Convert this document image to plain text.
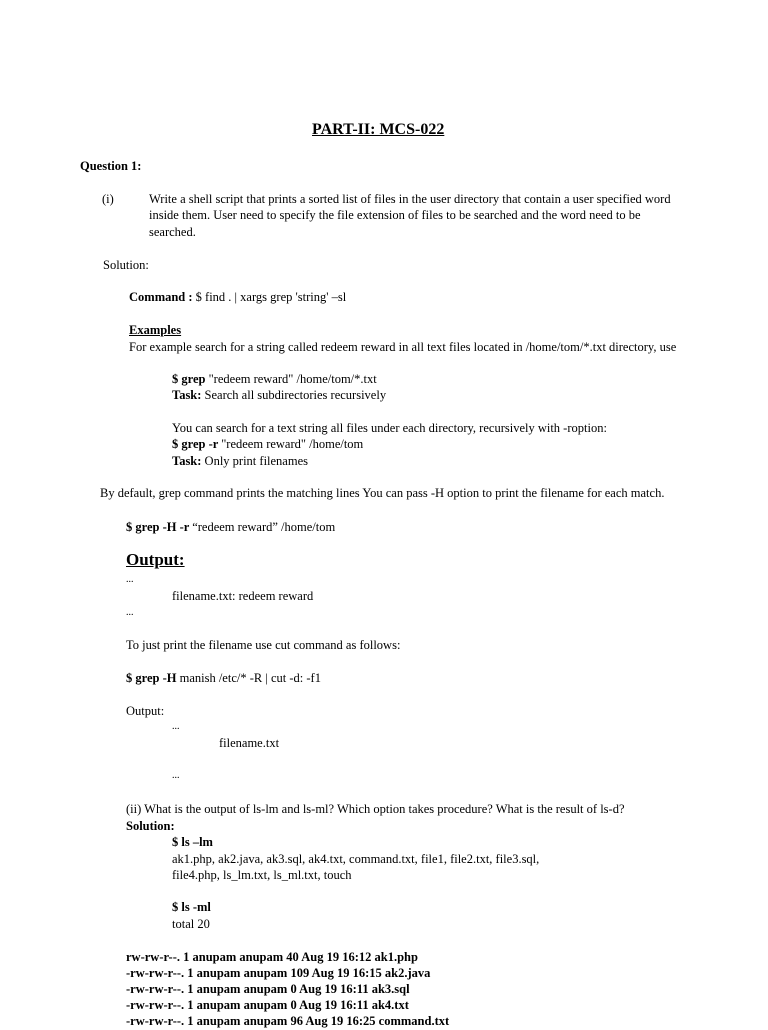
PART-II: MCS-022
Question 1:
(i)	Write a shell script that prints a sorted list of files in the user directory that contain a user specified word
inside them. User need to specify the file extension of files to be searched and the word need to be
searched.
Solution:
Command : $ find . | xargs grep 'string' –sl
Examples
For example search for a string called redeem reward in all text files located in /home/tom/*.txt directory, use
$ grep "redeem reward" /home/tom/*.txt
Task: Search all subdirectories recursively
You can search for a text string all files under each directory, recursively with -roption:
$ grep -r "redeem reward" /home/tom
Task: Only print filenames
By default, grep command prints the matching lines You can pass -H option to print the filename for each match.
$ grep -H -r “redeem reward” /home/tom
Output:
...
filename.txt: redeem reward
...
To just print the filename use cut command as follows:
$ grep -H manish /etc/* -R | cut -d: -f1
Output:
...
filename.txt
...
(ii) What is the output of ls-lm and ls-ml? Which option takes procedure? What is the result of ls-d?
Solution:
$ ls –lm
ak1.php, ak2.java, ak3.sql, ak4.txt, command.txt, file1, file2.txt, file3.sql,
file4.php, ls_lm.txt, ls_ml.txt, touch
$ ls -ml
total 20
rw-rw-r--. 1 anupam anupam 40 Aug 19 16:12 ak1.php
-rw-rw-r--. 1 anupam anupam 109 Aug 19 16:15 ak2.java
-rw-rw-r--. 1 anupam anupam 0 Aug 19 16:11 ak3.sql
-rw-rw-r--. 1 anupam anupam 0 Aug 19 16:11 ak4.txt
-rw-rw-r--. 1 anupam anupam 96 Aug 19 16:25 command.txt
